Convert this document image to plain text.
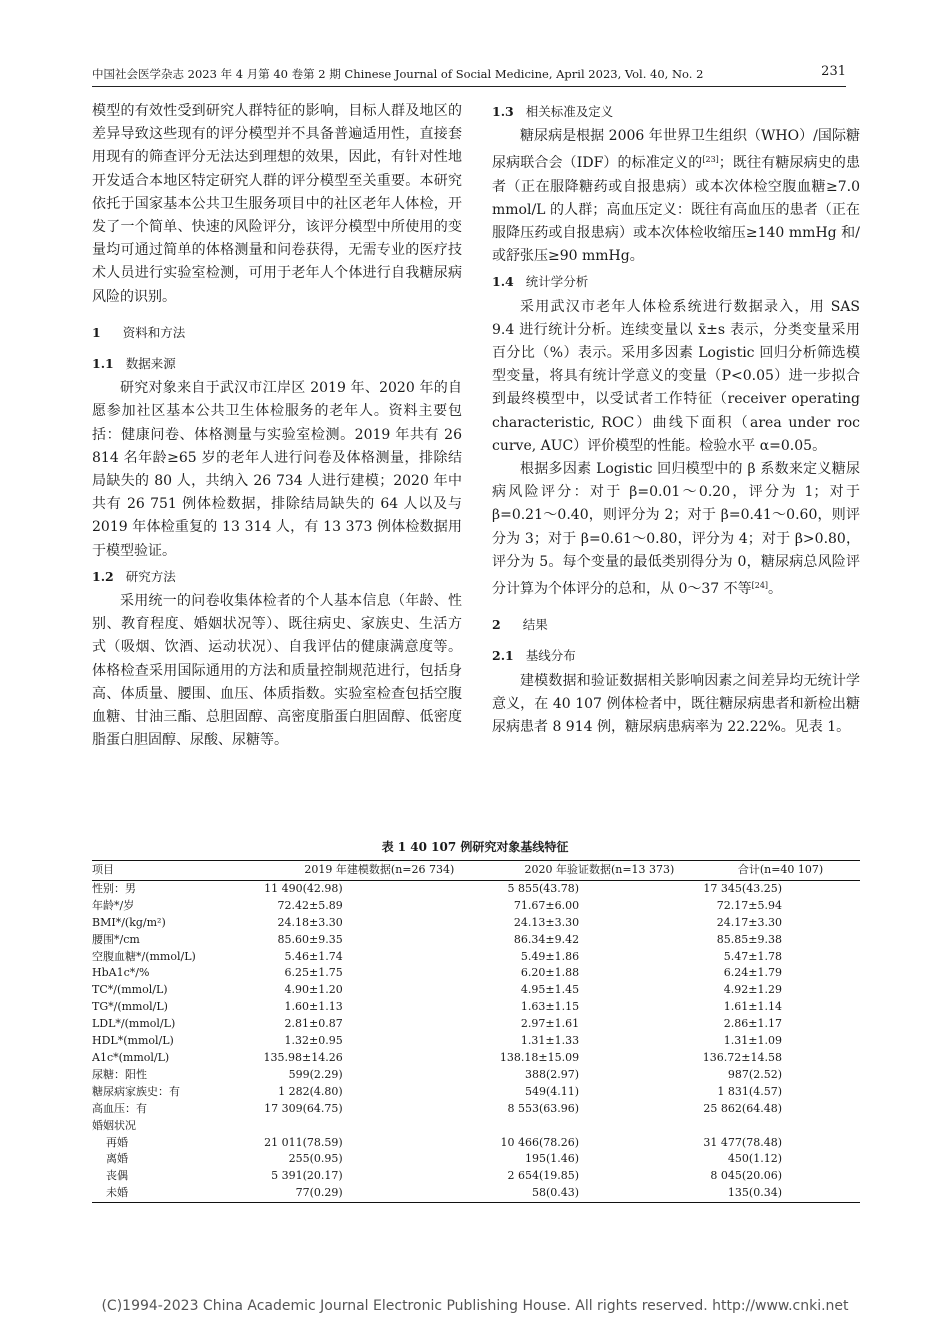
中国社会医学杂志 2023 年 4 月第 40 卷第 2 期 Chinese Journal of Social Medicine, April 2023, Vol. 40, No. 2	231

模型的有效性受到研究人群特征的影响，目标人群及地区的差异导致这些现有的评分模型并不具备普遍适用性，直接套用现有的筛查评分无法达到理想的效果，因此，有针对性地开发适合本地区特定研究人群的评分模型至关重要。本研究依托于国家基本公共卫生服务项目中的社区老年人体检，开发了一个简单、快速的风险评分，该评分模型中所使用的变量均可通过简单的体格测量和问卷获得，无需专业的医疗技术人员进行实验室检测，可用于老年人个体进行自我糖尿病风险的识别。

1 资料和方法
1.1 数据来源

研究对象来自于武汉市江岸区 2019 年、2020 年的自愿参加社区基本公共卫生体检服务的老年人。资料主要包括：健康问卷、体格测量与实验室检测。2019 年共有 26 814 名年龄≥65 岁的老年人进行问卷及体格测量，排除结局缺失的 80 人，共纳入 26 734 人进行建模；2020 年中共有 26 751 例体检数据，排除结局缺失的 64 人以及与 2019 年体检重复的 13 314 人，有 13 373 例体检数据用于模型验证。

1.2 研究方法

采用统一的问卷收集体检者的个人基本信息（年龄、性别、教育程度、婚姻状况等）、既往病史、家族史、生活方式（吸烟、饮酒、运动状况）、自我评估的健康满意度等。体格检查采用国际通用的方法和质量控制规范进行，包括身高、体质量、腰围、血压、体质指数。实验室检查包括空腹血糖、甘油三酯、总胆固醇、高密度脂蛋白胆固醇、低密度脂蛋白胆固醇、尿酸、尿糖等。

1.3 相关标准及定义

糖尿病是根据 2006 年世界卫生组织（WHO）/国际糖尿病联合会（IDF）的标准定义的[23]；既往有糖尿病史的患者（正在服降糖药或自报患病）或本次体检空腹血糖≥7.0 mmol/L 的人群；高血压定义：既往有高血压的患者（正在服降压药或自报患病）或本次体检收缩压≥140 mmHg 和/或舒张压≥90 mmHg。

1.4 统计学分析

采用武汉市老年人体检系统进行数据录入，用 SAS 9.4 进行统计分析。连续变量以 x̄±s 表示，分类变量采用百分比（%）表示。采用多因素 Logistic 回归分析筛选模型变量，将具有统计学意义的变量（P<0.05）进一步拟合到最终模型中，以受试者工作特征（receiver operating characteristic, ROC）曲线下面积（area under roc curve, AUC）评价模型的性能。检验水平 α=0.05。

根据多因素 Logistic 回归模型中的 β 系数来定义糖尿病风险评分：对于 β=0.01～0.20，评分为 1；对于 β=0.21～0.40，则评分为 2；对于 β=0.41～0.60，则评分为 3；对于 β=0.61～0.80，评分为 4；对于 β>0.80，评分为 5。每个变量的最低类别得分为 0，糖尿病总风险评分计算为个体评分的总和，从 0～37 不等[24]。

2 结果
2.1 基线分布

建模数据和验证数据相关影响因素之间差异均无统计学意义，在 40 107 例体检者中，既往糖尿病患者和新检出糖尿病患者 8 914 例，糖尿病患病率为 22.22%。见表 1。

表 1 40 107 例研究对象基线特征
项目	2019 年建模数据(n=26 734)	2020 年验证数据(n=13 373)	合计(n=40 107)
性别：男	11 490(42.98)	5 855(43.78)	17 345(43.25)
年龄*/岁	72.42±5.89	71.67±6.00	72.17±5.94
BMI*/(kg/m²)	24.18±3.30	24.13±3.30	24.17±3.30
腰围*/cm	85.60±9.35	86.34±9.42	85.85±9.38
空腹血糖*/(mmol/L)	5.46±1.74	5.49±1.86	5.47±1.78
HbA1c*/%	6.25±1.75	6.20±1.88	6.24±1.79
TC*/(mmol/L)	4.90±1.20	4.95±1.45	4.92±1.29
TG*/(mmol/L)	1.60±1.13	1.63±1.15	1.61±1.14
LDL*/(mmol/L)	2.81±0.87	2.97±1.61	2.86±1.17
HDL*(mmol/L)	1.32±0.95	1.31±1.33	1.31±1.09
A1c*(mmol/L)	135.98±14.26	138.18±15.09	136.72±14.58
尿糖：阳性	599(2.29)	388(2.97)	987(2.52)
糖尿病家族史：有	1 282(4.80)	549(4.11)	1 831(4.57)
高血压：有	17 309(64.75)	8 553(63.96)	25 862(64.48)
婚姻状况			
再婚	21 011(78.59)	10 466(78.26)	31 477(78.48)
离婚	255(0.95)	195(1.46)	450(1.12)
丧偶	5 391(20.17)	2 654(19.85)	8 045(20.06)
未婚	77(0.29)	58(0.43)	135(0.34)
(C)1994-2023 China Academic Journal Electronic Publishing House. All rights reserved. http://www.cnki.net
